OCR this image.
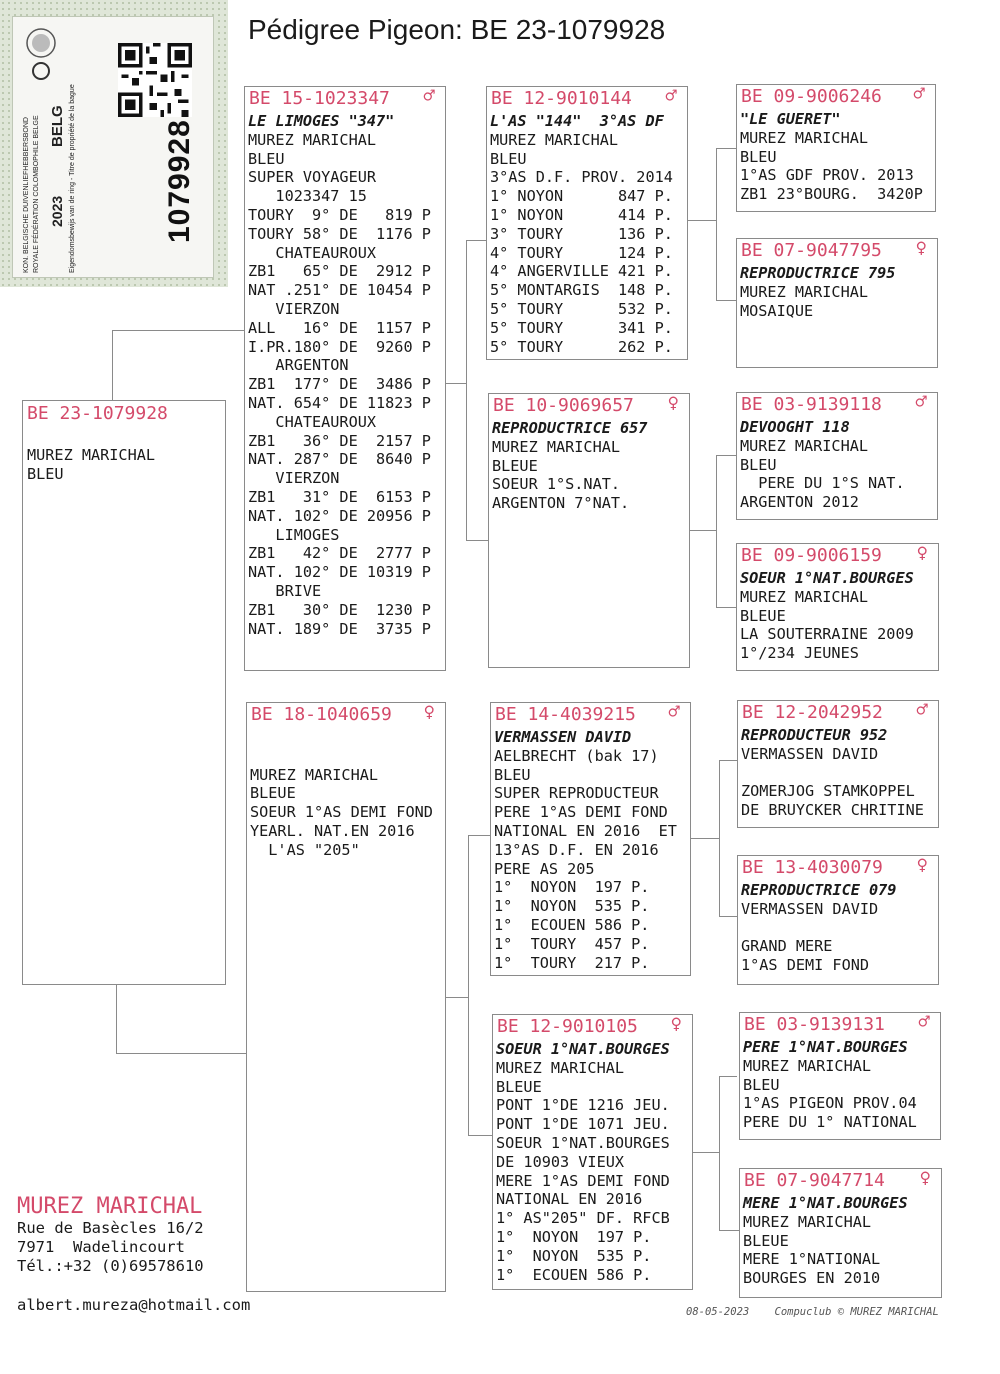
KON. BELGISCHE DUIVENLIEFHEBBERSBOND ROYALE FÉDÉRATION COLOMBOPHILE BELGE 2023
BELG Eigendomsbewijs van de ring - Titre de propriété de la bague	1079928
Pédigree Pigeon: BE 23-1079928
BE 23-1079928
MUREZ MARICHAL
BLEU
BE 15-1023347 ♂
LE LIMOGES "347"
MUREZ MARICHAL
BLEU
SUPER VOYAGEUR
1023347 15
TOURY  9° DE   819 P
TOURY 58° DE  1176 P
CHATEAUROUX
ZB1   65° DE  2912 P
NAT .251° DE 10454 P
VIERZON
ALL   16° DE  1157 P
I.PR.180° DE  9260 P
ARGENTON
ZB1  177° DE  3486 P
NAT. 654° DE 11823 P
CHATEAUROUX
ZB1   36° DE  2157 P
NAT. 287° DE  8640 P
VIERZON
ZB1   31° DE  6153 P
NAT. 102° DE 20956 P
LIMOGES
ZB1   42° DE  2777 P
NAT. 102° DE 10319 P
BRIVE
ZB1   30° DE  1230 P
NAT. 189° DE  3735 P
BE 18-1040659 ♀

MUREZ MARICHAL
BLEUE
SOEUR 1°AS DEMI FOND
YEARL. NAT.EN 2016
L'AS "205"
BE 12-9010144 ♂
L'AS "144"  3°AS DF
MUREZ MARICHAL
BLEU
3°AS D.F. PROV. 2014
1° NOYON      847 P.
1° NOYON      414 P.
3° TOURY      136 P.
4° TOURY      124 P.
4° ANGERVILLE 421 P.
5° MONTARGIS  148 P.
5° TOURY      532 P.
5° TOURY      341 P.
5° TOURY      262 P.
BE 10-9069657 ♀
REPRODUCTRICE 657
MUREZ MARICHAL
BLEUE
SOEUR 1°S.NAT.
ARGENTON 7°NAT.
BE 14-4039215 ♂
VERMASSEN DAVID
AELBRECHT (bak 17)
BLEU
SUPER REPRODUCTEUR
PERE 1°AS DEMI FOND
NATIONAL EN 2016  ET
13°AS D.F. EN 2016
PERE AS 205
1°  NOYON  197 P.
1°  NOYON  535 P.
1°  ECOUEN 586 P.
1°  TOURY  457 P.
1°  TOURY  217 P.
BE 12-9010105 ♀
SOEUR 1°NAT.BOURGES
MUREZ MARICHAL
BLEUE
PONT 1°DE 1216 JEU.
PONT 1°DE 1071 JEU.
SOEUR 1°NAT.BOURGES
DE 10903 VIEUX
MERE 1°AS DEMI FOND
NATIONAL EN 2016
1° AS"205" DF. RFCB
1°  NOYON  197 P.
1°  NOYON  535 P.
1°  ECOUEN 586 P.
BE 09-9006246 ♂
"LE GUERET"
MUREZ MARICHAL
BLEU
1°AS GDF PROV. 2013
ZB1 23°BOURG.  3420P
BE 07-9047795 ♀
REPRODUCTRICE 795
MUREZ MARICHAL
MOSAIQUE
BE 03-9139118 ♂
DEVOOGHT 118
MUREZ MARICHAL
BLEU
PERE DU 1°S NAT.
ARGENTON 2012
BE 09-9006159 ♀
SOEUR 1°NAT.BOURGES
MUREZ MARICHAL
BLEUE
LA SOUTERRAINE 2009
1°/234 JEUNES
BE 12-2042952 ♂
REPRODUCTEUR 952
VERMASSEN DAVID

ZOMERJOG STAMKOPPEL
DE BRUYCKER CHRITINE
BE 13-4030079 ♀
REPRODUCTRICE 079
VERMASSEN DAVID

GRAND MERE
1°AS DEMI FOND
BE 03-9139131 ♂
PERE 1°NAT.BOURGES
MUREZ MARICHAL
BLEU
1°AS PIGEON PROV.04
PERE DU 1° NATIONAL
BE 07-9047714 ♀
MERE 1°NAT.BOURGES
MUREZ MARICHAL
BLEUE
MERE 1°NATIONAL
BOURGES EN 2010
MUREZ MARICHAL
Rue de Basècles 16/2
7971  Wadelincourt
Tél.:+32 (0)69578610
albert.mureza@hotmail.com	08-05-2023    Compuclub © MUREZ MARICHAL
